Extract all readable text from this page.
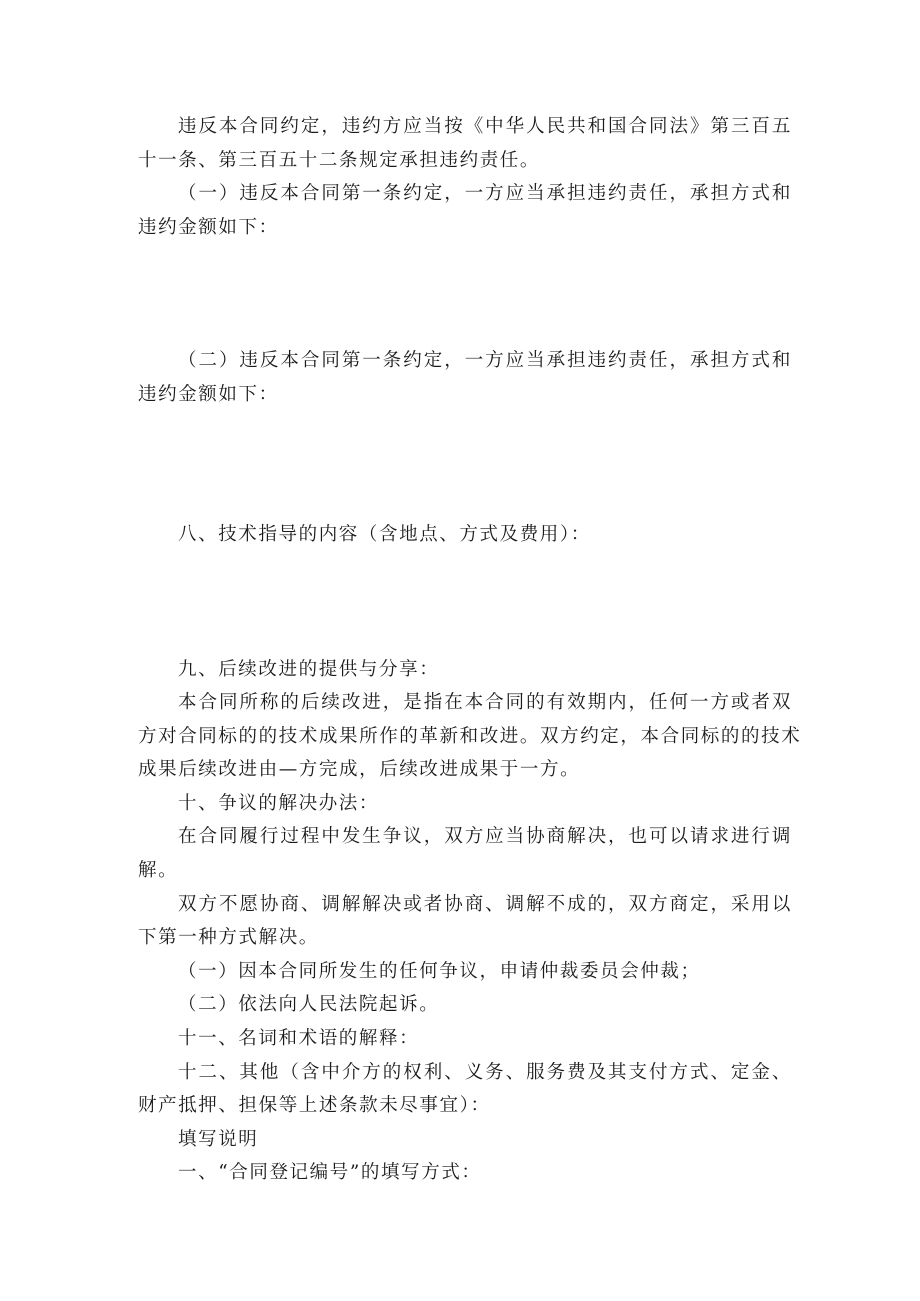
违反本合同约定，违约方应当按《中华人民共和国合同法》第三百五
十一条、第三百五十二条规定承担违约责任。
（一）违反本合同第一条约定，一方应当承担违约责任，承担方式和
违约金额如下：
（二）违反本合同第一条约定，一方应当承担违约责任，承担方式和
违约金额如下：
八、技术指导的内容（含地点、方式及费用）：
九、后续改进的提供与分享：
本合同所称的后续改进，是指在本合同的有效期内，任何一方或者双
方对合同标的的技术成果所作的革新和改进。双方约定，本合同标的的技术
成果后续改进由—方完成，后续改进成果于一方。
十、争议的解决办法：
在合同履行过程中发生争议，双方应当协商解决，也可以请求进行调
解。
双方不愿协商、调解解决或者协商、调解不成的，双方商定，采用以
下第一种方式解决。
（一）因本合同所发生的任何争议，申请仲裁委员会仲裁；
（二）依法向人民法院起诉。
十一、名词和术语的解释：
十二、其他（含中介方的权利、义务、服务费及其支付方式、定金、
财产抵押、担保等上述条款未尽事宜）：
填写说明
一、“合同登记编号”的填写方式：
